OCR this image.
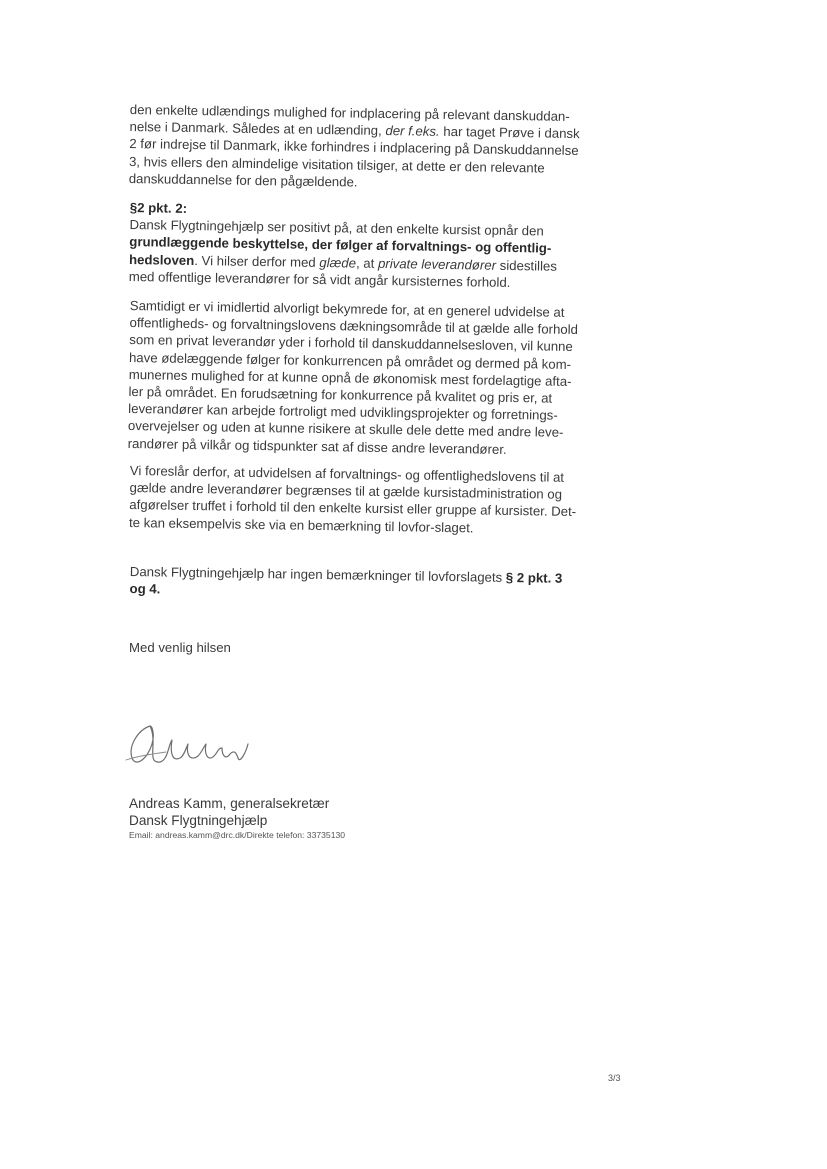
den enkelte udlændings mulighed for indplacering på relevant danskuddan-
nelse i Danmark. Således at en udlænding, der f.eks. har taget Prøve i dansk
2 før indrejse til Danmark, ikke forhindres i indplacering på Danskuddannelse
3, hvis ellers den almindelige visitation tilsiger, at dette er den relevante
danskuddannelse for den pågældende.

§2 pkt. 2:
Dansk Flygtningehjælp ser positivt på, at den enkelte kursist opnår den
grundlæggende beskyttelse, der følger af forvaltnings- og offentlig-
hedsloven. Vi hilser derfor med glæde, at private leverandører sidestilles
med offentlige leverandører for så vidt angår kursisternes forhold.

Samtidigt er vi imidlertid alvorligt bekymrede for, at en generel udvidelse at
offentligheds- og forvaltningslovens dækningsområde til at gælde alle forhold
som en privat leverandør yder i forhold til danskuddannelsesloven, vil kunne
have ødelæggende følger for konkurrencen på området og dermed på kom-
munernes mulighed for at kunne opnå de økonomisk mest fordelagtige afta-
ler på området. En forudsætning for konkurrence på kvalitet og pris er, at
leverandører kan arbejde fortroligt med udviklingsprojekter og forretnings-
overvejelser og uden at kunne risikere at skulle dele dette med andre leve-
randører på vilkår og tidspunkter sat af disse andre leverandører.

Vi foreslår derfor, at udvidelsen af forvaltnings- og offentlighedslovens til at
gælde andre leverandører begrænses til at gælde kursistadministration og
afgørelser truffet i forhold til den enkelte kursist eller gruppe af kursister. Det-
te kan eksempelvis ske via en bemærkning til lovfor-slaget.

Dansk Flygtningehjælp har ingen bemærkninger til lovforslagets § 2 pkt. 3
og 4.

Med venlig hilsen
Andreas Kamm, generalsekretær
Dansk Flygtningehjælp
Email: andreas.kamm@drc.dk/Direkte telefon: 33735130
3/3
